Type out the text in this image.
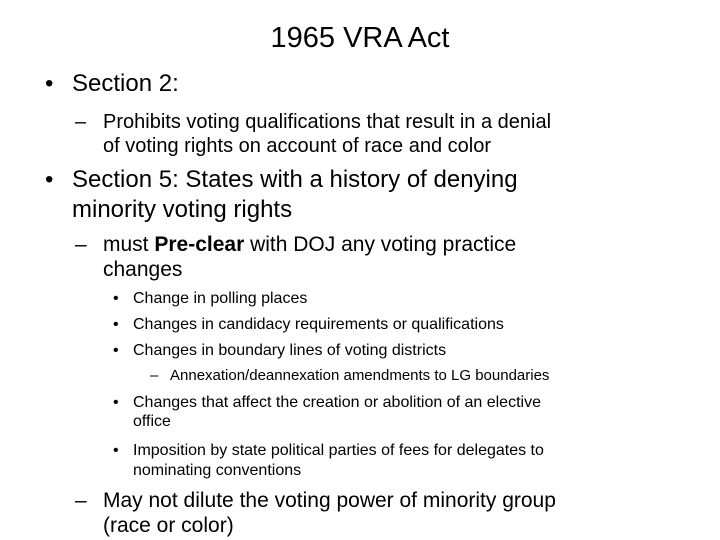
1965 VRA Act
• Section 2:
– Prohibits voting qualifications that result in a denial
of voting rights on account of race and color
• Section 5: States with a history of denying
minority voting rights
– must Pre-clear with DOJ any voting practice
changes
• Change in polling places
• Changes in candidacy requirements or qualifications
• Changes in boundary lines of voting districts
– Annexation/deannexation amendments to LG boundaries
• Changes that affect the creation or abolition of an elective
office
• Imposition by state political parties of fees for delegates to
nominating conventions
– May not dilute the voting power of minority group
(race or color)
